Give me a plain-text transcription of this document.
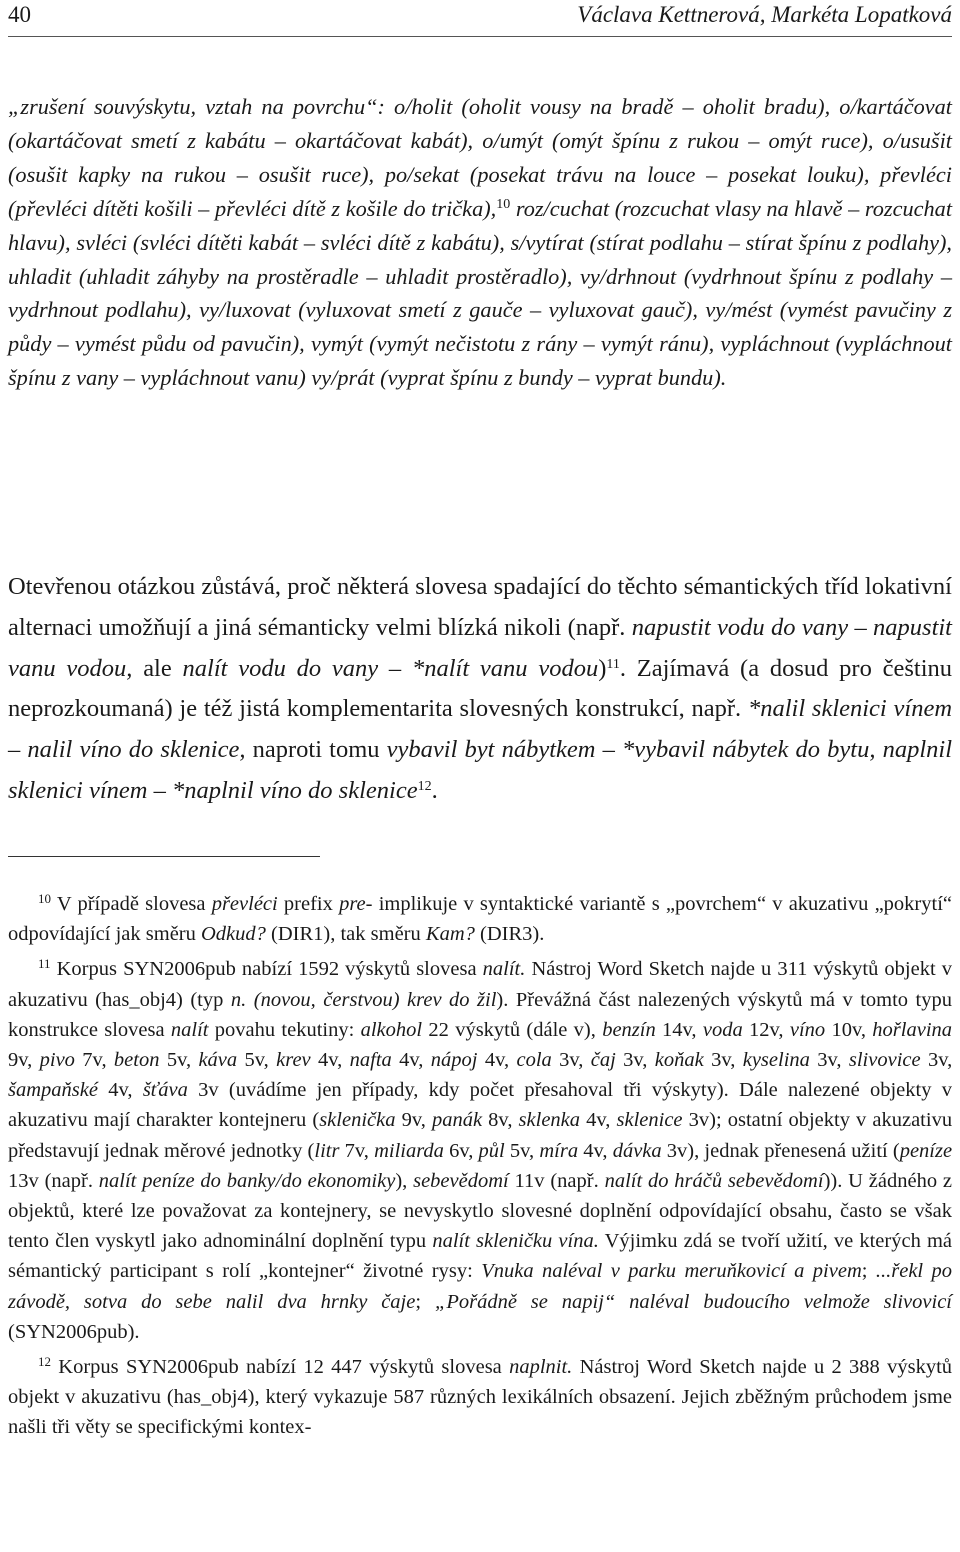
40	Václava Kettnerová, Markéta Lopatková

„zrušení souvýskytu, vztah na povrchu“: o/holit (oholit vousy na bradě – oholit bradu), o/kartáčovat (okartáčovat smetí z kabátu – okartáčovat kabát), o/umýt (omýt špínu z rukou – omýt ruce), o/usušit (osušit kapky na rukou – osušit ruce), po/sekat (posekat trávu na louce – posekat louku), převléci (převléci dítěti košili – převléci dítě z košile do trička),$^{10}$ roz/cuchat (rozcuchat vlasy na hlavě – rozcuchat hlavu), svléci (svléci dítěti kabát – svléci dítě z kabátu), s/vytírat (stírat podlahu – stírat špínu z podlahy), uhladit (uhladit záhyby na prostěradle – uhladit prostěradlo), vy/drhnout (vydrhnout špínu z podlahy – vydrhnout podlahu), vy/luxovat (vyluxovat smetí z gauče – vyluxovat gauč), vy/mést (vymést pavučiny z půdy – vymést půdu od pavučin), vymýt (vymýt nečistotu z rány – vymýt ránu), vypláchnout (vypláchnout špínu z vany – vypláchnout vanu) vy/prát (vyprat špínu z bundy – vyprat bundu).

Otevřenou otázkou zůstává, proč některá slovesa spadající do těchto sémantických tříd lokativní alternaci umožňují a jiná sémanticky velmi blízká nikoli (např. napustit vodu do vany – napustit vanu vodou, ale nalít vodu do vany – *nalít vanu vodou)$^{11}$. Zajímavá (a dosud pro češtinu neprozkoumaná) je též jistá komplementarita slovesných konstrukcí, např. *nalil sklenici vínem – nalil víno do sklenice, naproti tomu vybavil byt nábytkem – *vybavil nábytek do bytu, naplnil sklenici vínem – *naplnil víno do sklenice$^{12}$.

$^{10}$ V případě slovesa převléci prefix pre- implikuje v syntaktické variantě s „povrchem“ v akuzativu „pokrytí“ odpovídající jak směru Odkud? (DIR1), tak směru Kam? (DIR3).

$^{11}$ Korpus SYN2006pub nabízí 1592 výskytů slovesa nalít. Nástroj Word Sketch najde u 311 výskytů objekt v akuzativu (has_obj4) (typ n. (novou, čerstvou) krev do žil). Převážná část nalezených výskytů má v tomto typu konstrukce slovesa nalít povahu tekutiny: alkohol 22 výskytů (dále v), benzín 14v, voda 12v, víno 10v, hořlavina 9v, pivo 7v, beton 5v, káva 5v, krev 4v, nafta 4v, nápoj 4v, cola 3v, čaj 3v, koňak 3v, kyselina 3v, slivovice 3v, šampaňské 4v, šťáva 3v (uvádíme jen případy, kdy počet přesahoval tři výskyty). Dále nalezené objekty v akuzativu mají charakter kontejneru (sklenička 9v, panák 8v, sklenka 4v, sklenice 3v); ostatní objekty v akuzativu představují jednak měrové jednotky (litr 7v, miliarda 6v, půl 5v, míra 4v, dávka 3v), jednak přenesená užití (peníze 13v (např. nalít peníze do banky/do ekonomiky), sebevědomí 11v (např. nalít do hráčů sebevědomí)). U žádného z objektů, které lze považovat za kontejnery, se nevyskytlo slovesné doplnění odpovídající obsahu, často se však tento člen vyskytl jako adnominální doplnění typu nalít skleničku vína. Výjimku zdá se tvoří užití, ve kterých má sémantický participant s rolí „kontejner“ životné rysy: Vnuka naléval v parku meruňkovicí a pivem; ...řekl po závodě, sotva do sebe nalil dva hrnky čaje; „Pořádně se napij“ naléval budoucího velmože slivovicí (SYN2006pub).

$^{12}$ Korpus SYN2006pub nabízí 12 447 výskytů slovesa naplnit. Nástroj Word Sketch najde u 2 388 výskytů objekt v akuzativu (has_obj4), který vykazuje 587 různých lexikálních obsazení. Jejich zběžným průchodem jsme našli tři věty se specifickými kontex-
